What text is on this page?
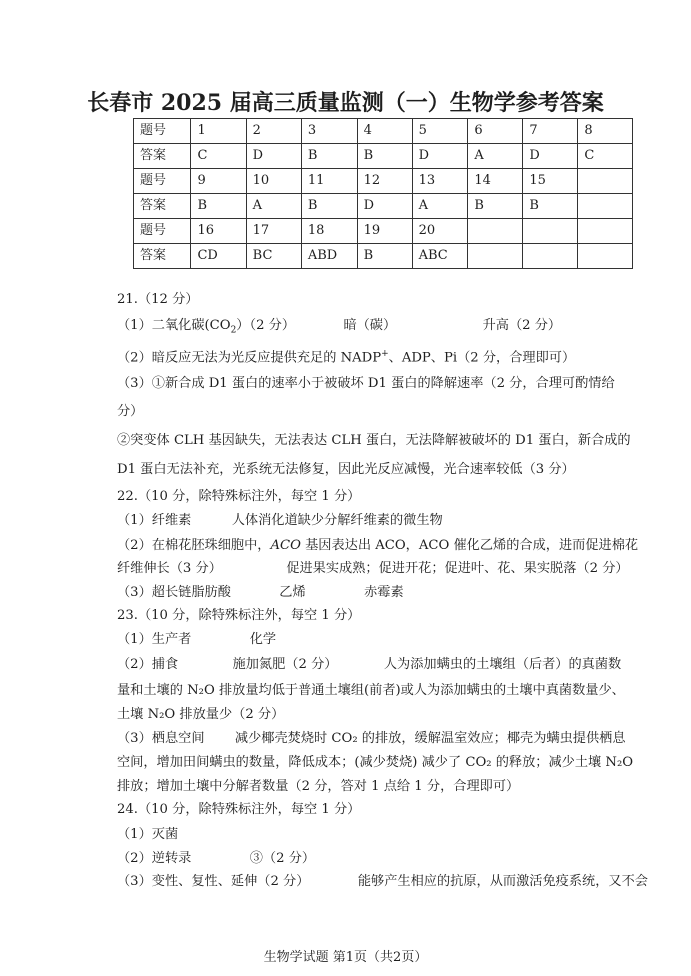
长春市 2025 届高三质量监测（一）生物学参考答案
题号	1	2	3	4	5	6	7	8
答案	C	D	B	B	D	A	D	C
题号	9	10	11	12	13	14	15	
答案	B	A	B	D	A	B	B	
题号	16	17	18	19	20			
答案	CD	BC	ABD	B	ABC			
21.（12 分）
（1）二氧化碳$(CO_2)(2$ 分）	暗（碳）	升高（2 分）
（2）暗反应无法为光反应提供充足的 NADP+、ADP、Pi（2 分，合理即可）
（3）①新合成 D1 蛋白的速率小于被破坏 D1 蛋白的降解速率（2 分，合理可酌情给
分）
②突变体 CLH 基因缺失，无法表达 CLH 蛋白，无法降解被破坏的 D1 蛋白，新合成的
D1 蛋白无法补充，光系统无法修复，因此光反应减慢，光合速率较低（3 分）
22.（10 分，除特殊标注外，每空 1 分）
（1）纤维素	人体消化道缺少分解纤维素的微生物
（2）在棉花胚珠细胞中，ACO 基因表达出 ACO，ACO 催化乙烯的合成，进而促进棉花
纤维伸长（3 分）	促进果实成熟；促进开花；促进叶、花、果实脱落（2 分）
（3）超长链脂肪酸	乙烯	赤霉素
23.（10 分，除特殊标注外，每空 1 分）
（1）生产者	化学
（2）捕食	施加氮肥（2 分）	人为添加螨虫的土壤组（后者）的真菌数
量和土壤的 N₂O 排放量均低于普通土壤组(前者)或人为添加螨虫的土壤中真菌数量少、
土壤 N₂O 排放量少（2 分）
（3）栖息空间 减少椰壳焚烧时 CO₂ 的排放，缓解温室效应；椰壳为螨虫提供栖息
空间，增加田间螨虫的数量，降低成本；(减少焚烧) 减少了 CO₂ 的释放；减少土壤 N₂O
排放；增加土壤中分解者数量（2 分，答对 1 点给 1 分，合理即可）
24.（10 分，除特殊标注外，每空 1 分）
（1）灭菌
（2）逆转录	③（2 分）
（3）变性、复性、延伸（2 分）	能够产生相应的抗原，从而激活免疫系统，又不会
生物学试题 第1页（共2页）
